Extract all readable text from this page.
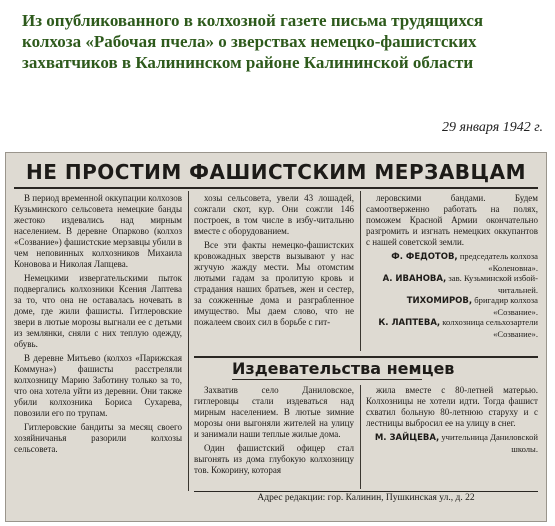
Из опубликованного в колхозной газете письма трудящихся колхоза «Рабочая пчела» о зверствах немецко-фашистских захватчиков в Калининском районе Калининской области
29 января 1942 г.
НЕ ПРОСТИМ ФАШИСТСКИМ МЕРЗАВЦАМ

В период временной оккупации колхозов Кузьминского сельсовета немецкие банды жестоко издевались над мирным населением. В деревне Опарково (колхоз «Созвание») фашистские мерзавцы убили в чем неповинных колхозников Михаила Коновова и Николая Лапцева.

Немецкими извергательскими пыток подвергались колхозники Ксения Лаптева за то, что она не оставалась ночевать в доме, где жили фашисты. Гитлеровские звери в лютые морозы выгнали ее с детьми из землянки, сняли с них теплую одежду, обувь.

В деревне Митьево (колхоз «Парижская Коммуна») фашисты расстреляли колхозницу Марию Заботину только за то, что она хотела уйти из деревни. Они также убили колхозника Бориса Сухарева, повозили его по трупам.

Гитлеровские бандиты за месяц своего хозяйничанья разорили колхозы сельсовета.

хозы сельсовета, увели 43 лошадей, сожгали скот, кур. Они сожгли 146 построек, в том числе в избу-читальню вместе с оборудованием.

Все эти факты немецко-фашистских кровожадных зверств вызывают у нас жгучую жажду мести. Мы отомстим лютыми гадам за пролитую кровь и страдания наших братьев, жен и сестер, за сожженные дома и разграбленное имущество. Мы даем слово, что не пожалеем своих сил в борьбе с гит-

леровскими бандами. Будем самоотверженно работать на полях, поможем Красной Армии окончательно разгромить и изгнать немецких оккупантов с нашей советской земли.

Ф. ФЕДОТОВ, председатель колхоза «Коленовна».
А. ИВАНОВА, зав. Кузьминской избой-читальней.
ТИХОМИРОВ, бригадир колхоза «Созвание».
К. ЛАПТЕВА, колхозница сельхозартели «Созвание».
Издевательства немцев

Захватив село Даниловское, гитлеровцы стали издеваться над мирным населением. В лютые зимние морозы они выгоняли жителей на улицу и занимали наши теплые жилые дома.

Один фашистский офицер стал выгонять из дома глубокую колхозницу тов. Кокорину, которая

жила вместе с 80-летней матерью. Колхозницы не хотели идти. Тогда фашист схватил больную 80-летнюю старуху и с лестницы выбросил ее на улицу в снег.

М. ЗАЙЦЕВА, учительница Даниловской школы.
Адрес редакции: гор. Калинин, Пушкинская ул., д. 22
